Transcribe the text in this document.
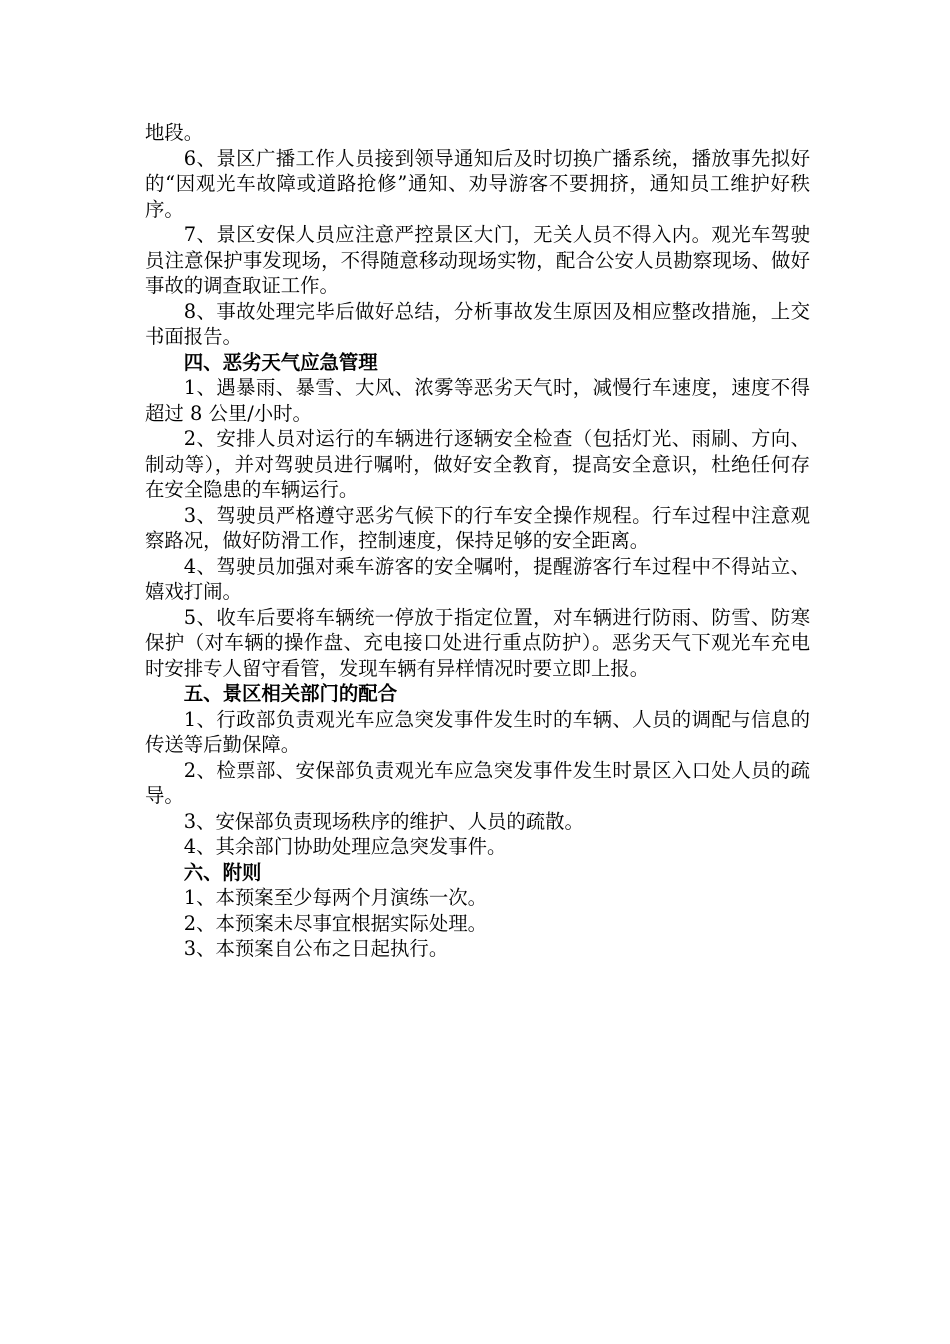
地段。

6、景区广播工作人员接到领导通知后及时切换广播系统，播放事先拟好的“因观光车故障或道路抢修”通知、劝导游客不要拥挤，通知员工维护好秩序。

7、景区安保人员应注意严控景区大门，无关人员不得入内。观光车驾驶员注意保护事发现场，不得随意移动现场实物，配合公安人员勘察现场、做好事故的调查取证工作。

8、事故处理完毕后做好总结，分析事故发生原因及相应整改措施，上交书面报告。

四、恶劣天气应急管理

1、遇暴雨、暴雪、大风、浓雾等恶劣天气时，减慢行车速度，速度不得超过 8 公里/小时。

2、安排人员对运行的车辆进行逐辆安全检查（包括灯光、雨刷、方向、制动等），并对驾驶员进行嘱咐，做好安全教育，提高安全意识，杜绝任何存在安全隐患的车辆运行。

3、驾驶员严格遵守恶劣气候下的行车安全操作规程。行车过程中注意观察路况，做好防滑工作，控制速度，保持足够的安全距离。

4、驾驶员加强对乘车游客的安全嘱咐，提醒游客行车过程中不得站立、嬉戏打闹。

5、收车后要将车辆统一停放于指定位置，对车辆进行防雨、防雪、防寒保护（对车辆的操作盘、充电接口处进行重点防护）。恶劣天气下观光车充电时安排专人留守看管，发现车辆有异样情况时要立即上报。

五、景区相关部门的配合

1、行政部负责观光车应急突发事件发生时的车辆、人员的调配与信息的传送等后勤保障。

2、检票部、安保部负责观光车应急突发事件发生时景区入口处人员的疏导。

3、安保部负责现场秩序的维护、人员的疏散。

4、其余部门协助处理应急突发事件。

六、附则

1、本预案至少每两个月演练一次。

2、本预案未尽事宜根据实际处理。

3、本预案自公布之日起执行。
